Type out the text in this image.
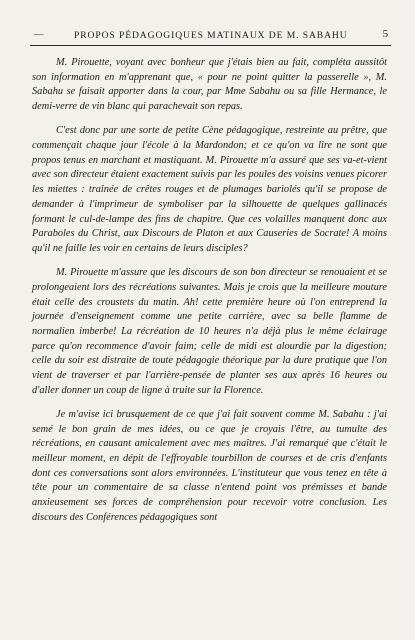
—	PROPOS PÉDAGOGIQUES MATINAUX DE M. SABAHU	5

M. Pirouette, voyant avec bonheur que j'étais bien au fait, compléta aussitôt son information en m'apprenant que, « pour ne point quitter la passerelle », M. Sabahu se faisait apporter dans la cour, par Mme Sabahu ou sa fille Hermance, le demi-verre de vin blanc qui parachevait son repas.

C'est donc par une sorte de petite Cène pédagogique, restreinte au prêtre, que commençait chaque jour l'école à la Mardondon; et ce qu'on va lire ne sont que propos tenus en marchant et mastiquant. M. Pirouette m'a assuré que ses va-et-vient avec son directeur étaient exactement suivis par les poules des voisins venues picorer les miettes : traînée de crêtes rouges et de plumages bariolés qu'il se propose de demander à l'imprimeur de symboliser par la silhouette de quelques gallinacés formant le cul-de-lampe des fins de chapitre. Que ces volailles manquent donc aux Paraboles du Christ, aux Discours de Platon et aux Causeries de Socrate! A moins qu'il ne faille les voir en certains de leurs disciples?

M. Pirouette m'assure que les discours de son bon directeur se renouaient et se prolongeaient lors des récréations suivantes. Mais je crois que la meilleure mouture était celle des croustets du matin. Ah! cette première heure où l'on entreprend la journée d'enseignement comme une petite carrière, avec sa belle flamme de normalien imberbe! La récréation de 10 heures n'a déjà plus le même éclairage parce qu'on recommence d'avoir faim; celle de midi est alourdie par la digestion; celle du soir est distraite de toute pédagogie théorique par la dure pratique que l'on vient de traverser et par l'arrière-pensée de planter ses aux après 16 heures ou d'aller donner un coup de ligne à truite sur la Florence.

Je m'avise ici brusquement de ce que j'ai fait souvent comme M. Sabahu : j'ai semé le bon grain de mes idées, ou ce que je croyais l'être, au tumulte des récréations, en causant amicalement avec mes maîtres. J'ai remarqué que c'était le meilleur moment, en dépit de l'effroyable tourbillon de courses et de cris d'enfants dont ces conversations sont alors environnées. L'instituteur que vous tenez en tête à tête pour un commentaire de sa classe n'entend point vos prémisses et bande anxieusement ses forces de compréhension pour recevoir votre conclusion. Les discours des Conférences pédagogiques sont
